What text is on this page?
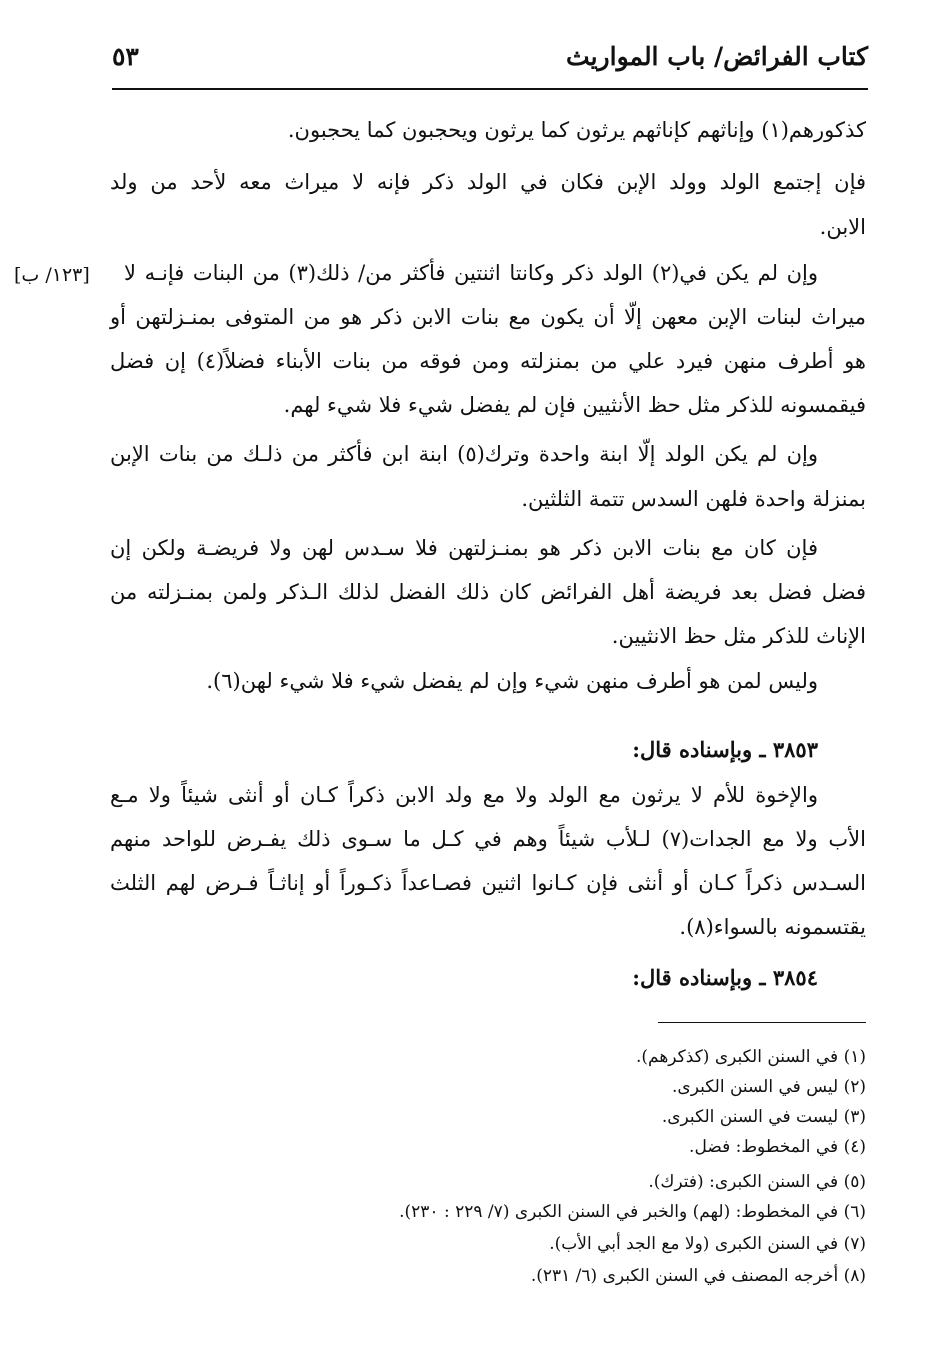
كتاب الفرائض/ باب المواريث
٥٣
[١٢٣/ ب]
كذكورهم(١) وإناثهم كإناثهم يرثون كما يرثون ويحجبون كما يحجبون.
فإن إجتمع الولد وولد الإبن فكان في الولد ذكر فإنه لا ميراث معه لأحد من ولد
الابن.
وإن لم يكن في(٢) الولد ذكر وكانتا اثنتين فأكثر من/ ذلك(٣) من البنات فإنـه لا
ميراث لبنات الإبن معهن إلّا أن يكون مع بنات الابن ذكر هو من المتوفى بمنـزلتهن أو
هو أطرف منهن فيرد علي من بمنزلته ومن فوقه من بنات الأبناء فضلاً(٤) إن فضل
فيقمسونه للذكر مثل حظ الأنثيين فإن لم يفضل شيء فلا شيء لهم.
وإن لم يكن الولد إلّا ابنة واحدة وترك(٥) ابنة ابن فأكثر من ذلـك من بنات الإبن
بمنزلة واحدة فلهن السدس تتمة الثلثين.
فإن كان مع بنات الابن ذكر هو بمنـزلتهن فلا سـدس لهن ولا فريضـة ولكن إن
فضل فضل بعد فريضة أهل الفرائض كان ذلك الفضل لذلك الـذكر ولمن بمنـزلته من
الإناث للذكر مثل حظ الانثيين.
وليس لمن هو أطرف منهن شيء وإن لم يفضل شيء فلا شيء لهن(٦).
٣٨٥٣ ـ وبإسناده قال:
والإخوة للأم لا يرثون مع الولد ولا مع ولد الابن ذكراً كـان أو أنثى شيئاً ولا مـع
الأب ولا مع الجدات(٧) لـلأب شيئاً وهم في كـل ما سـوى ذلك يفـرض للواحد منهم
السـدس ذكراً كـان أو أنثى فإن كـانوا اثنين فصـاعداً ذكـوراً أو إناثـاً فـرض لهم الثلث
يقتسمونه بالسواء(٨).
٣٨٥٤ ـ وبإسناده قال:
(١) في السنن الكبرى (كذكرهم).
(٢) ليس في السنن الكبرى.
(٣) ليست في السنن الكبرى.
(٤) في المخطوط: فضل.
(٥) في السنن الكبرى: (فترك).
(٦) في المخطوط: (لهم) والخبر في السنن الكبرى (٧/ ٢٢٩ : ٢٣٠).
(٧) في السنن الكبرى (ولا مع الجد أبي الأب).
(٨) أخرجه المصنف في السنن الكبرى (٦/ ٢٣١).
